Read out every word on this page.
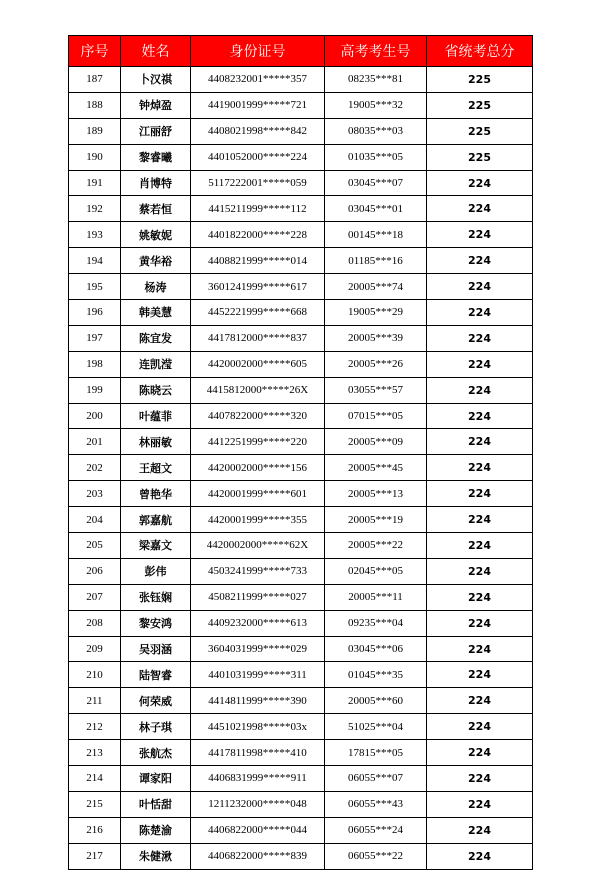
序号	姓名	身份证号	高考考生号	省统考总分
187	卜汉祺	4408232001*****357	08235***81	225
188	钟焯盈	4419001999*****721	19005***32	225
189	江丽舒	4408021998*****842	08035***03	225
190	黎睿曦	4401052000*****224	01035***05	225
191	肖博特	5117222001*****059	03045***07	224
192	蔡若恒	4415211999*****112	03045***01	224
193	姚敏妮	4401822000*****228	00145***18	224
194	黄华裕	4408821999*****014	01185***16	224
195	杨涛	3601241999*****617	20005***74	224
196	韩美慧	4452221999*****668	19005***29	224
197	陈宜发	4417812000*****837	20005***39	224
198	连凯滢	4420002000*****605	20005***26	224
199	陈晓云	4415812000*****26X	03055***57	224
200	叶蕴菲	4407822000*****320	07015***05	224
201	林丽敏	4412251999*****220	20005***09	224
202	王超文	4420002000*****156	20005***45	224
203	曾艳华	4420001999*****601	20005***13	224
204	郭嘉航	4420001999*****355	20005***19	224
205	梁嘉文	4420002000*****62X	20005***22	224
206	彭伟	4503241999*****733	02045***05	224
207	张钰娴	4508211999*****027	20005***11	224
208	黎安鸿	4409232000*****613	09235***04	224
209	吴羽涵	3604031999*****029	03045***06	224
210	陆智睿	4401031999*****311	01045***35	224
211	何荣威	4414811999*****390	20005***60	224
212	林子琪	4451021998*****03x	51025***04	224
213	张航杰	4417811998*****410	17815***05	224
214	谭家阳	4406831999*****911	06055***07	224
215	叶恬甜	1211232000*****048	06055***43	224
216	陈楚渝	4406822000*****044	06055***24	224
217	朱健湫	4406822000*****839	06055***22	224
